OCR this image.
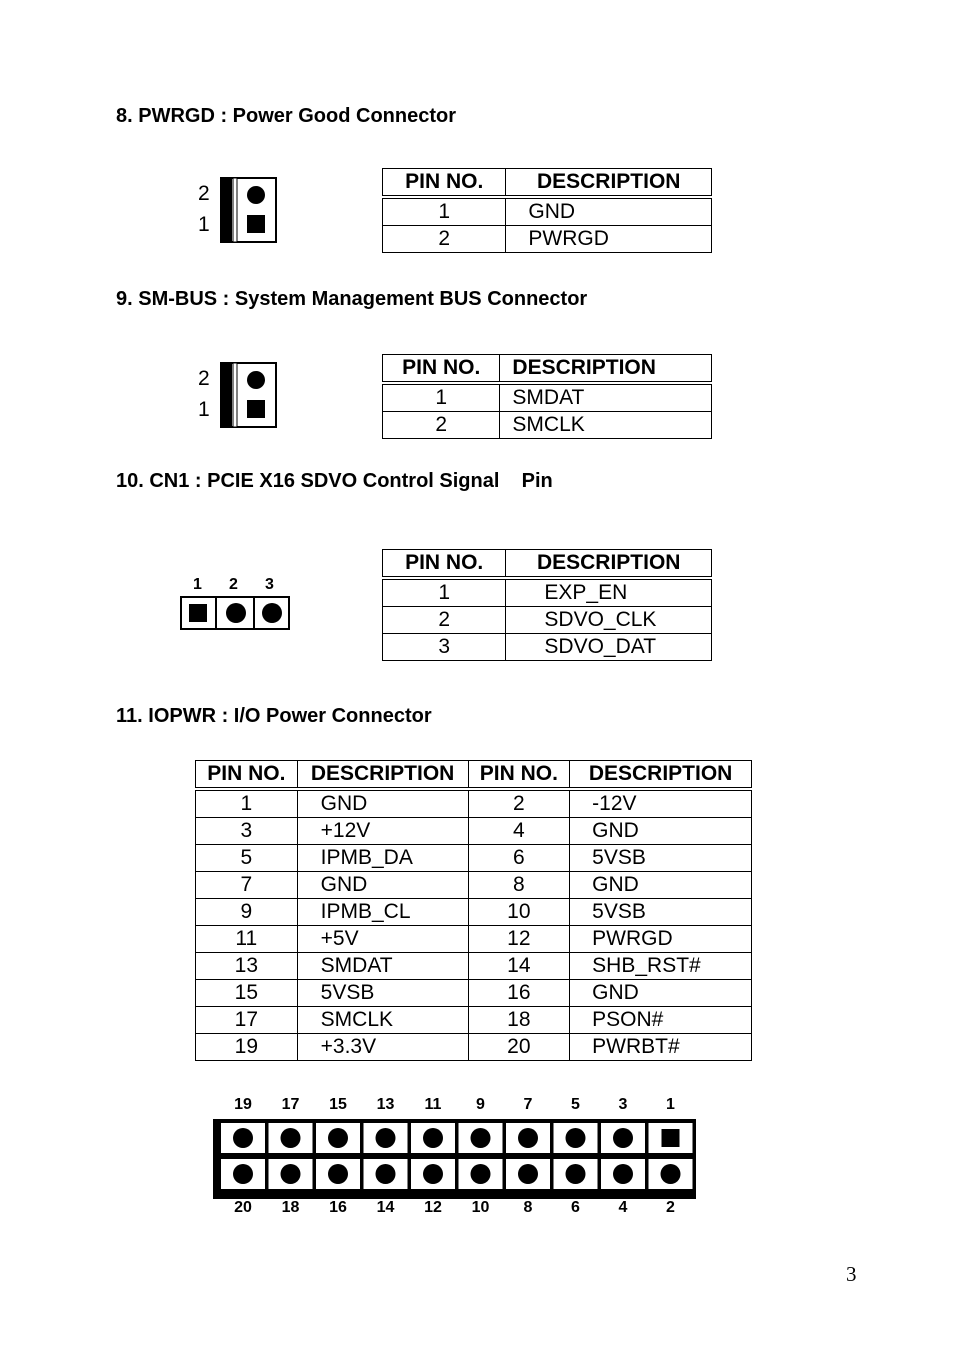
8. PWRGD : Power Good Connector
2
1
PIN NO.	DESCRIPTION
1	GND
2	PWRGD
9. SM-BUS : System Management BUS Connector
2
1
PIN NO.	DESCRIPTION
1	SMDAT
2	SMCLK
10. CN1 : PCIE X16 SDVO Control Signal    Pin
1 2 3
PIN NO.	DESCRIPTION
1	EXP_EN
2	SDVO_CLK
3	SDVO_DAT
11. IOPWR : I/O Power Connector
PIN NO.	DESCRIPTION	PIN NO.	DESCRIPTION
1	GND	2	-12V
3	+12V	4	GND
5	IPMB_DA	6	5VSB
7	GND	8	GND
9	IPMB_CL	10	5VSB
11	+5V	12	PWRGD
13	SMDAT	14	SHB_RST#
15	5VSB	16	GND
17	SMCLK	18	PSON#
19	+3.3V	20	PWRBT#
19 17 15 13 11 9 7 5 3 1
20 18 16 14 12 10 8 6 4 2
3
